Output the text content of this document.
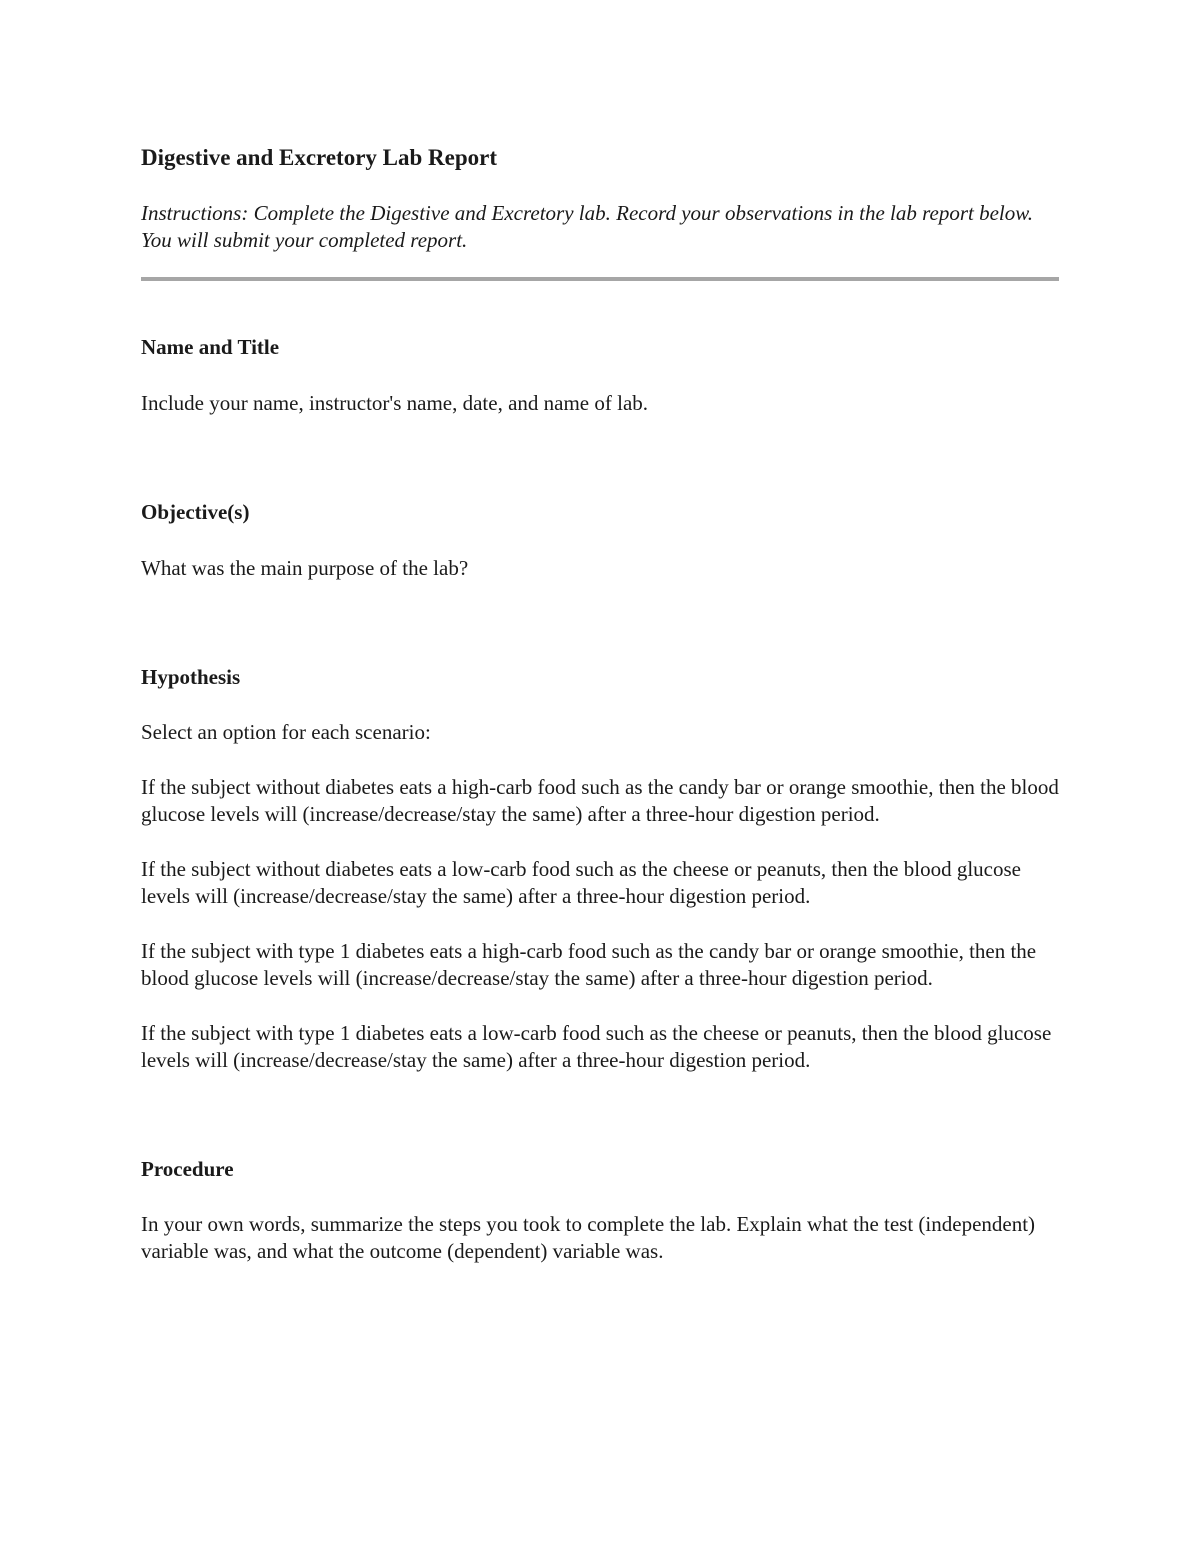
Digestive and Excretory Lab Report

Instructions: Complete the Digestive and Excretory lab. Record your observations in the lab report below. You will submit your completed report.

Name and Title

Include your name, instructor's name, date, and name of lab.

Objective(s)

What was the main purpose of the lab?

Hypothesis

Select an option for each scenario:

If the subject without diabetes eats a high-carb food such as the candy bar or orange smoothie, then the blood glucose levels will (increase/decrease/stay the same) after a three-hour digestion period.

If the subject without diabetes eats a low-carb food such as the cheese or peanuts, then the blood glucose levels will (increase/decrease/stay the same) after a three-hour digestion period.

If the subject with type 1 diabetes eats a high-carb food such as the candy bar or orange smoothie, then the blood glucose levels will (increase/decrease/stay the same) after a three-hour digestion period.

If the subject with type 1 diabetes eats a low-carb food such as the cheese or peanuts, then the blood glucose levels will (increase/decrease/stay the same) after a three-hour digestion period.

Procedure

In your own words, summarize the steps you took to complete the lab. Explain what the test (independent) variable was, and what the outcome (dependent) variable was.
